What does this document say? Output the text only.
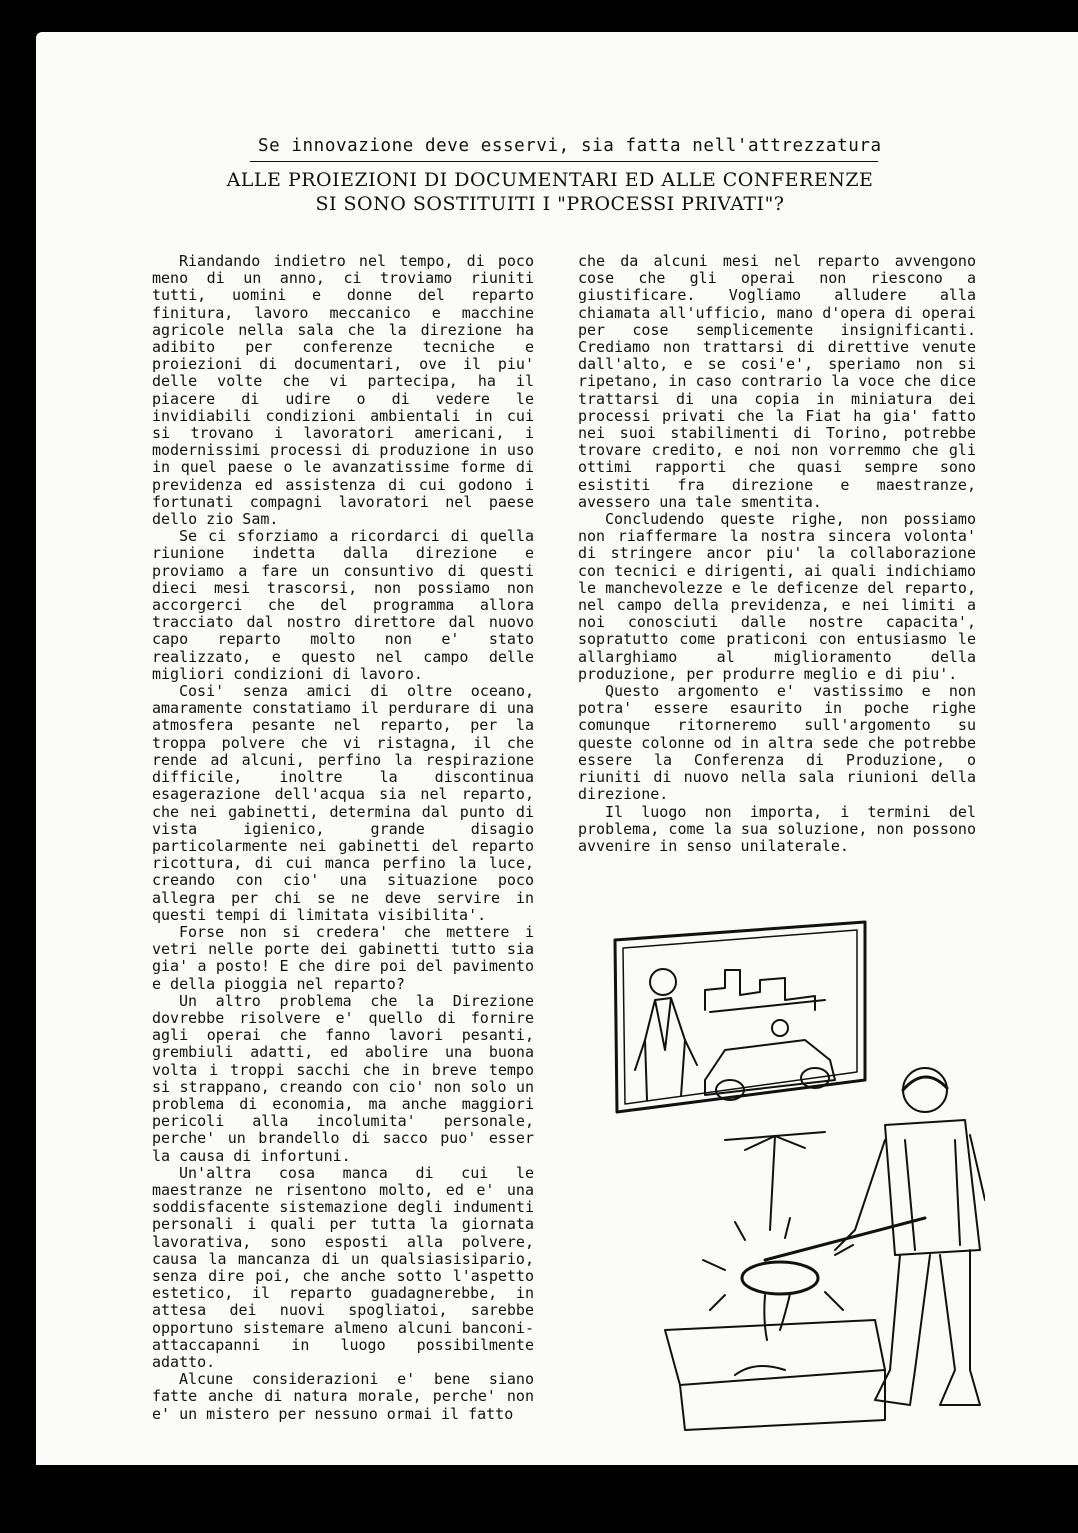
Se innovazione deve esservi, sia fatta nell'attrezzatura
ALLE PROIEZIONI DI DOCUMENTARI ED ALLE CONFERENZE
SI SONO SOSTITUITI I "PROCESSI PRIVATI"?

Riandando indietro nel tempo, di poco meno di un anno, ci troviamo riuniti tutti, uomini e donne del reparto finitura, lavoro meccanico e macchine agricole nella sala che la direzione ha adibito per conferenze tecniche e proiezioni di documentari, ove il piu' delle volte che vi partecipa, ha il piacere di udire o di vedere le invidiabili condizioni ambientali in cui si trovano i lavoratori americani, i modernissimi processi di produzione in uso in quel paese o le avanzatissime forme di previdenza ed assistenza di cui godono i fortunati compagni lavoratori nel paese dello zio Sam.

Se ci sforziamo a ricordarci di quella riunione indetta dalla direzione e proviamo a fare un consuntivo di questi dieci mesi trascorsi, non possiamo non accorgerci che del programma allora tracciato dal nostro direttore dal nuovo capo reparto molto non e' stato realizzato, e questo nel campo delle migliori condizioni di lavoro.

Cosi' senza amici di oltre oceano, amaramente constatiamo il perdurare di una atmosfera pesante nel reparto, per la troppa polvere che vi ristagna, il che rende ad alcuni, perfino la respirazione difficile, inoltre la discontinua esagerazione dell'acqua sia nel reparto, che nei gabinetti, determina dal punto di vista igienico, grande disagio particolarmente nei gabinetti del reparto ricottura, di cui manca perfino la luce, creando con cio' una situazione poco allegra per chi se ne deve servire in questi tempi di limitata visibilita'.

Forse non si credera' che mettere i vetri nelle porte dei gabinetti tutto sia gia' a posto! E che dire poi del pavimento e della pioggia nel reparto?

Un altro problema che la Direzione dovrebbe risolvere e' quello di fornire agli operai che fanno lavori pesanti, grembiuli adatti, ed abolire una buona volta i troppi sacchi che in breve tempo si strappano, creando con cio' non solo un problema di economia, ma anche maggiori pericoli alla incolumita' personale, perche' un brandello di sacco puo' esser la causa di infortuni.

Un'altra cosa manca di cui le maestranze ne risentono molto, ed e' una soddisfacente sistemazione degli indumenti personali i quali per tutta la giornata lavorativa, sono esposti alla polvere, causa la mancanza di un qualsiasisipario, senza dire poi, che anche sotto l'aspetto estetico, il reparto guadagnerebbe, in attesa dei nuovi spogliatoi, sarebbe opportuno sistemare almeno alcuni banconi-attaccapanni in luogo possibilmente adatto.

Alcune considerazioni e' bene siano fatte anche di natura morale, perche' non e' un mistero per nessuno ormai il fatto

che da alcuni mesi nel reparto avvengono cose che gli operai non riescono a giustificare. Vogliamo alludere alla chiamata all'ufficio, mano d'opera di operai per cose semplicemente insignificanti. Crediamo non trattarsi di direttive venute dall'alto, e se cosi'e', speriamo non si ripetano, in caso contrario la voce che dice trattarsi di una copia in miniatura dei processi privati che la Fiat ha gia' fatto nei suoi stabilimenti di Torino, potrebbe trovare credito, e noi non vorremmo che gli ottimi rapporti che quasi sempre sono esistiti fra direzione e maestranze, avessero una tale smentita.

Concludendo queste righe, non possiamo non riaffermare la nostra sincera volonta' di stringere ancor piu' la collaborazione con tecnici e dirigenti, ai quali indichiamo le manchevolezze e le deficenze del reparto, nel campo della previdenza, e nei limiti a noi conosciuti dalle nostre capacita', sopratutto come praticoni con entusiasmo le allarghiamo al miglioramento della produzione, per produrre meglio e di piu'.

Questo argomento e' vastissimo e non potra' essere esaurito in poche righe comunque ritorneremo sull'argomento su queste colonne od in altra sede che potrebbe essere la Conferenza di Produzione, o riuniti di nuovo nella sala riunioni della direzione.

Il luogo non importa, i termini del problema, come la sua soluzione, non possono avvenire in senso unilaterale.
